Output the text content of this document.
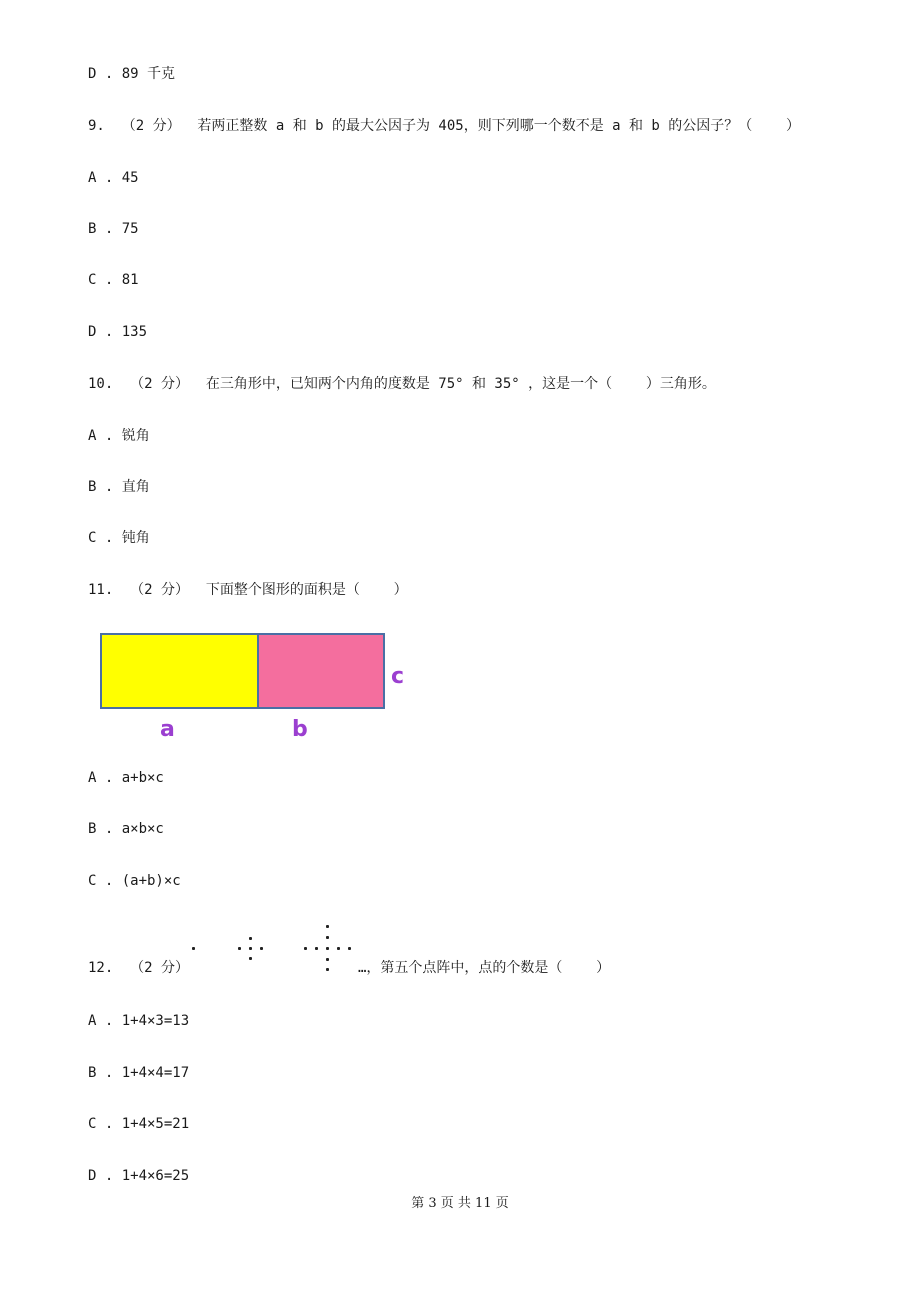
D . 89 千克
9.  （2 分）  若两正整数 a 和 b 的最大公因子为 405，则下列哪一个数不是 a 和 b 的公因子？（    ）
A . 45
B . 75
C . 81
D . 135
10.  （2 分）  在三角形中，已知两个内角的度数是 75° 和 35° ，这是一个（    ）三角形。
A . 锐角
B . 直角
C . 钝角
11.  （2 分）  下面整个图形的面积是（    ）
a	b
c
A . a+b×c
B . a×b×c
C . (a+b)×c
12.  （2 分）	…，第五个点阵中，点的个数是（    ）
A . 1+4×3=13
B . 1+4×4=17
C . 1+4×5=21
D . 1+4×6=25
第 3 页 共 11 页
